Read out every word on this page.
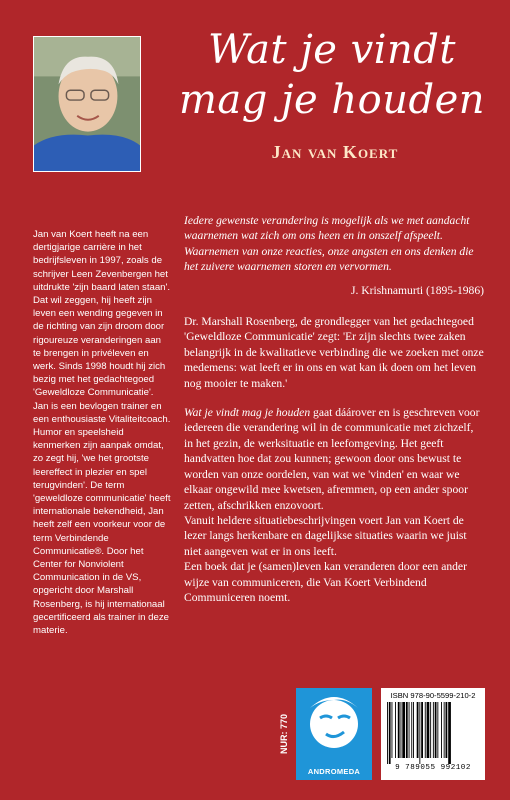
Wat je vindt
mag je houden
Jan van Koert

Jan van Koert heeft na een dertigjarige carrière in het bedrijfsleven in 1997, zoals de schrijver Leen Zevenbergen het uitdrukte 'zijn baard laten staan'. Dat wil zeggen, hij heeft zijn leven een wending gegeven in de richting van zijn droom door rigoureuze veranderingen aan te brengen in privéleven en werk. Sinds 1998 houdt hij zich bezig met het gedachtegoed 'Geweldloze Communicatie'. Jan is een bevlogen trainer en een enthousiaste Vitaliteitcoach. Humor en speelsheid kenmerken zijn aanpak omdat, zo zegt hij, 'we het grootste leereffect in plezier en spel terugvinden'. De term 'geweldloze communicatie' heeft internationale bekendheid, Jan heeft zelf een voorkeur voor de term Verbindende Communicatie®. Door het Center for Nonviolent Communication in de VS, opgericht door Marshall Rosenberg, is hij internationaal gecertificeerd als trainer in deze materie.

Iedere gewenste verandering is mogelijk als we met aandacht waarnemen wat zich om ons heen en in onszelf afspeelt. Waarnemen van onze reacties, onze angsten en ons denken die het zuivere waarnemen storen en vervormen.

J. Krishnamurti (1895-1986)

Dr. Marshall Rosenberg, de grondlegger van het gedachtegoed 'Geweldloze Communicatie' zegt: 'Er zijn slechts twee zaken belangrijk in de kwalitatieve verbinding die we zoeken met onze medemens: wat leeft er in ons en wat kan ik doen om het leven nog mooier te maken.'

Wat je vindt mag je houden gaat dáárover en is geschreven voor iedereen die verandering wil in de communicatie met zichzelf, in het gezin, de werksituatie en leefomgeving. Het geeft handvatten hoe dat zou kunnen; gewoon door ons bewust te worden van onze oordelen, van wat we 'vinden' en waar we elkaar ongewild mee kwetsen, afremmen, op een ander spoor zetten, afschrikken enzovoort.

Vanuit heldere situatiebeschrijvingen voert Jan van Koert de lezer langs herkenbare en dagelijkse situaties waarin we juist niet aangeven wat er in ons leeft.

Een boek dat je (samen)leven kan veranderen door een ander wijze van communiceren, die Van Koert Verbindend Communiceren noemt.

NUR: 770
ANDROMEDA
ISBN 978-90-5599-210-2
9 789055 992102
